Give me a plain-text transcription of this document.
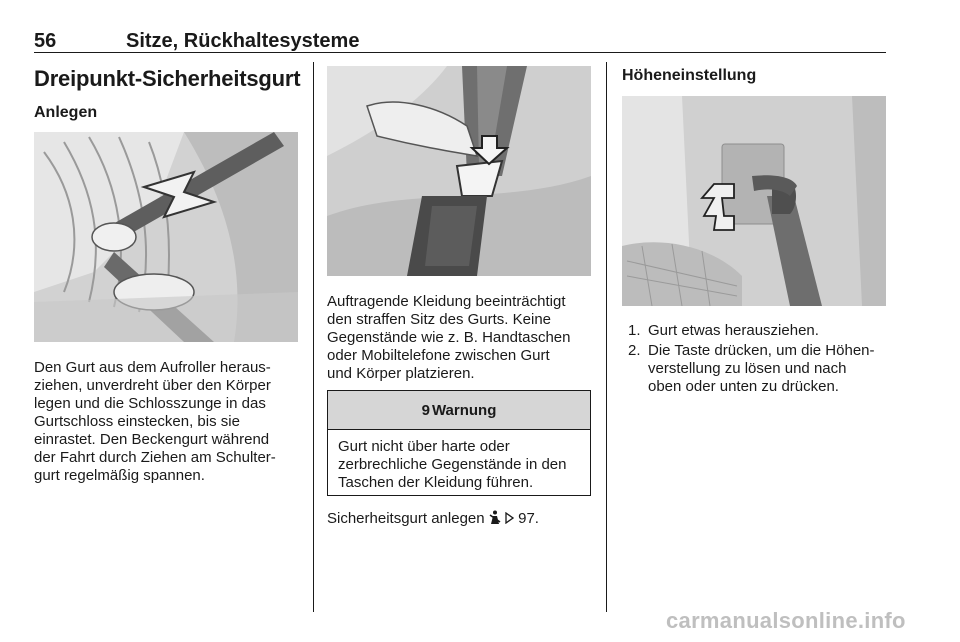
56	Sitze, Rückhaltesysteme
Dreipunkt-Sicherheitsgurt
Anlegen
Den Gurt aus dem Aufroller heraus-
ziehen, unverdreht über den Körper
legen und die Schlosszunge in das
Gurtschloss einstecken, bis sie
einrastet. Den Beckengurt während
der Fahrt durch Ziehen am Schulter-
gurt regelmäßig spannen.
Auftragende Kleidung beeinträchtigt
den straffen Sitz des Gurts. Keine
Gegenstände wie z. B. Handtaschen
oder Mobiltelefone zwischen Gurt
und Körper platzieren.
9 Warnung
Gurt nicht über harte oder
zerbrechliche Gegenstände in den
Taschen der Kleidung führen.
Sicherheitsgurt anlegen 97.
Höheneinstellung
1. Gurt etwas herausziehen.
2. Die Taste drücken, um die Höhen-
verstellung zu lösen und nach
oben oder unten zu drücken.
carmanualsonline.info
